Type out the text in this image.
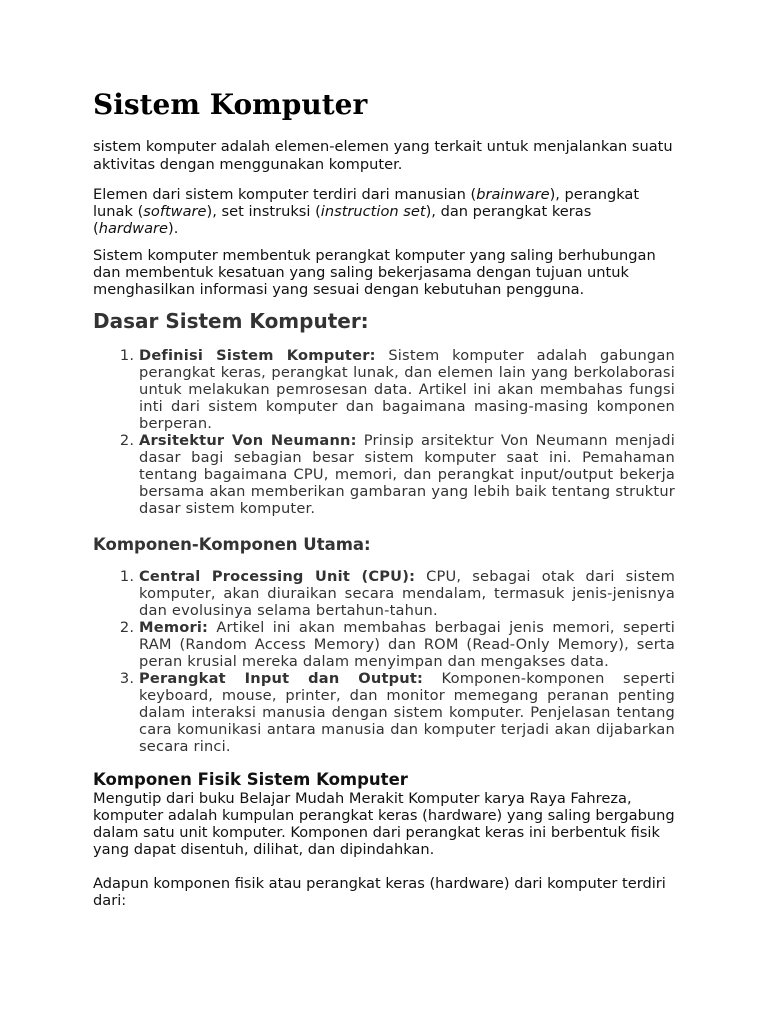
Sistem Komputer

sistem komputer adalah elemen-elemen yang terkait untuk menjalankan suatu aktivitas dengan menggunakan komputer.

Elemen dari sistem komputer terdiri dari manusian (brainware), perangkat lunak (software), set instruksi (instruction set), dan perangkat keras (hardware).

Sistem komputer membentuk perangkat komputer yang saling berhubungan dan membentuk kesatuan yang saling bekerjasama dengan tujuan untuk menghasilkan informasi yang sesuai dengan kebutuhan pengguna.

Dasar Sistem Komputer:
1. Definisi Sistem Komputer: Sistem komputer adalah gabungan perangkat keras, perangkat lunak, dan elemen lain yang berkolaborasi untuk melakukan pemrosesan data. Artikel ini akan membahas fungsi inti dari sistem komputer dan bagaimana masing-masing komponen berperan.
2. Arsitektur Von Neumann: Prinsip arsitektur Von Neumann menjadi dasar bagi sebagian besar sistem komputer saat ini. Pemahaman tentang bagaimana CPU, memori, dan perangkat input/output bekerja bersama akan memberikan gambaran yang lebih baik tentang struktur dasar sistem komputer.
Komponen-Komponen Utama:
1. Central Processing Unit (CPU): CPU, sebagai otak dari sistem komputer, akan diuraikan secara mendalam, termasuk jenis-jenisnya dan evolusinya selama bertahun-tahun.
2. Memori: Artikel ini akan membahas berbagai jenis memori, seperti RAM (Random Access Memory) dan ROM (Read-Only Memory), serta peran krusial mereka dalam menyimpan dan mengakses data.
3. Perangkat Input dan Output: Komponen-komponen seperti keyboard, mouse, printer, dan monitor memegang peranan penting dalam interaksi manusia dengan sistem komputer. Penjelasan tentang cara komunikasi antara manusia dan komputer terjadi akan dijabarkan secara rinci.
Komponen Fisik Sistem Komputer

Mengutip dari buku Belajar Mudah Merakit Komputer karya Raya Fahreza, komputer adalah kumpulan perangkat keras (hardware) yang saling bergabung dalam satu unit komputer. Komponen dari perangkat keras ini berbentuk fisik yang dapat disentuh, dilihat, dan dipindahkan.

Adapun komponen fisik atau perangkat keras (hardware) dari komputer terdiri dari:
